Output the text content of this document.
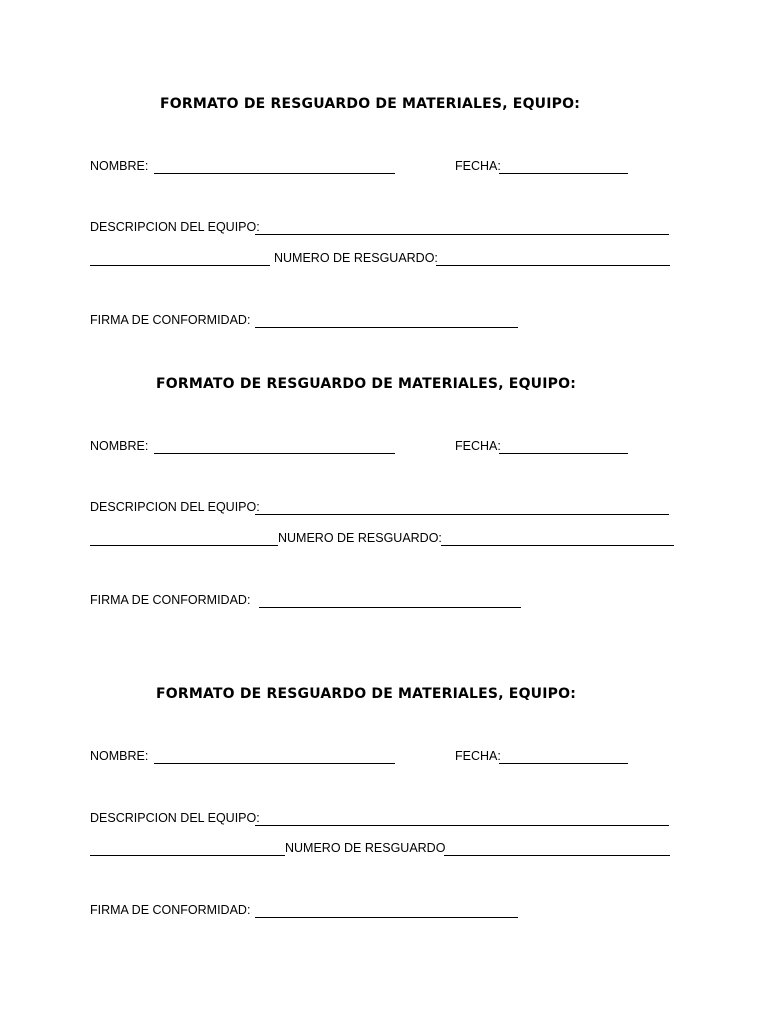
FORMATO DE RESGUARDO DE MATERIALES, EQUIPO:
NOMBRE:	FECHA:
DESCRIPCION DEL EQUIPO:
NUMERO DE RESGUARDO:
FIRMA DE CONFORMIDAD:
FORMATO DE RESGUARDO DE MATERIALES, EQUIPO:
NOMBRE:	FECHA:
DESCRIPCION DEL EQUIPO:
NUMERO DE RESGUARDO:
FIRMA DE CONFORMIDAD:
FORMATO DE RESGUARDO DE MATERIALES, EQUIPO:
NOMBRE:	FECHA:
DESCRIPCION DEL EQUIPO:
NUMERO DE RESGUARDO
FIRMA DE CONFORMIDAD:
